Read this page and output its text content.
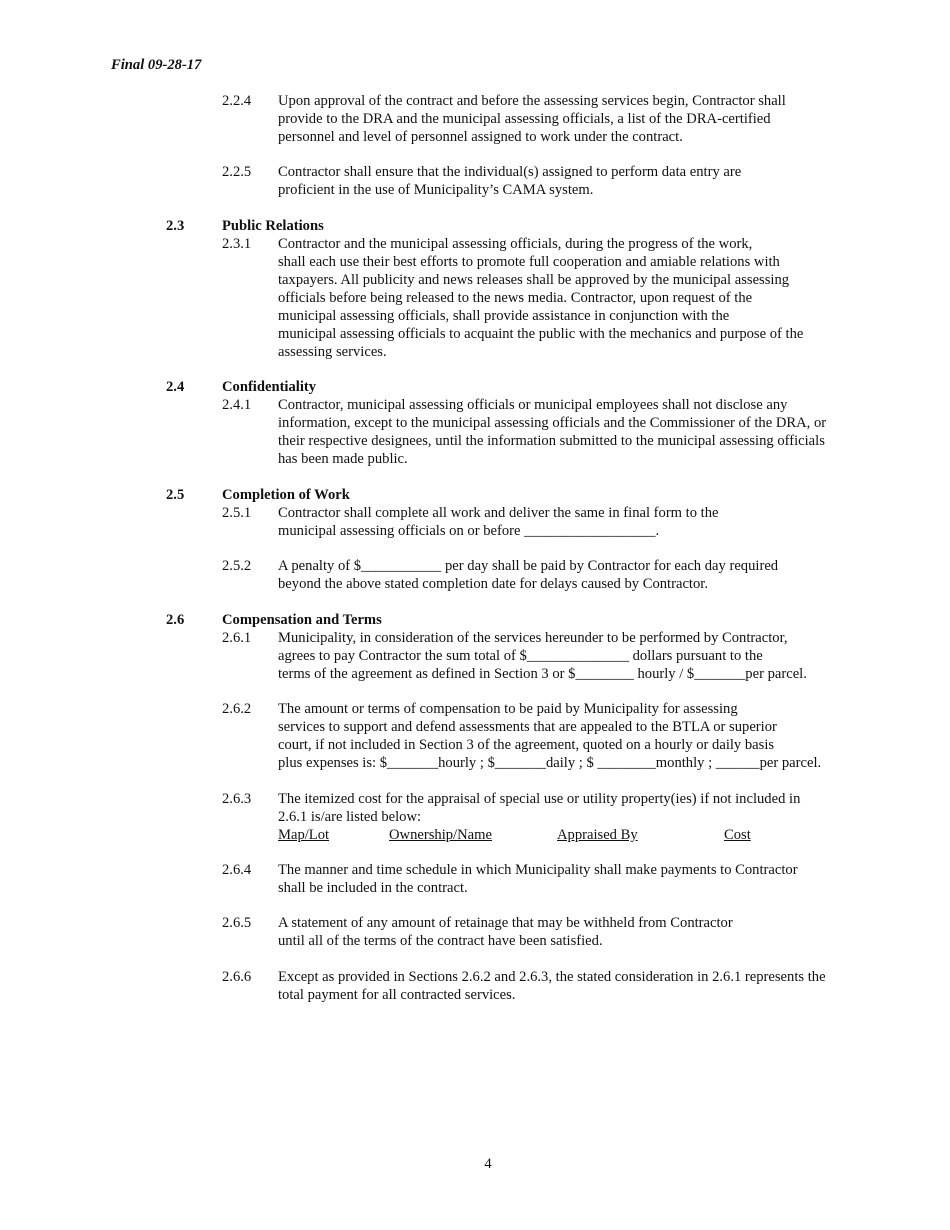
Final 09-28-17
2.2.4 Upon approval of the contract and before the assessing services begin, Contractor shall
provide to the DRA and the municipal assessing officials, a list of the DRA-certified
personnel and level of personnel assigned to work under the contract.
2.2.5 Contractor shall ensure that the individual(s) assigned to perform data entry are
proficient in the use of Municipality’s CAMA system.
2.3	Public Relations
2.3.1 Contractor and the municipal assessing officials, during the progress of the work,
shall each use their best efforts to promote full cooperation and amiable relations with
taxpayers. All publicity and news releases shall be approved by the municipal assessing
officials before being released to the news media. Contractor, upon request of the
municipal assessing officials, shall provide assistance in conjunction with the
municipal assessing officials to acquaint the public with the mechanics and purpose of the
assessing services.
2.4	Confidentiality
2.4.1 Contractor, municipal assessing officials or municipal employees shall not disclose any
information, except to the municipal assessing officials and the Commissioner of the DRA, or
their respective designees, until the information submitted to the municipal assessing officials
has been made public.
2.5	Completion of Work
2.5.1 Contractor shall complete all work and deliver the same in final form to the
municipal assessing officials on or before __________________.
2.5.2 A penalty of $___________ per day shall be paid by Contractor for each day required
beyond the above stated completion date for delays caused by Contractor.
2.6	Compensation and Terms
2.6.1 Municipality, in consideration of the services hereunder to be performed by Contractor,
agrees to pay Contractor the sum total of $______________ dollars pursuant to the
terms of the agreement as defined in Section 3 or $________ hourly / $_______per parcel.
2.6.2 The amount or terms of compensation to be paid by Municipality for assessing
services to support and defend assessments that are appealed to the BTLA or superior
court, if not included in Section 3 of the agreement, quoted on a hourly or daily basis
plus expenses is: $_______hourly ; $_______daily ; $ ________monthly ; ______per parcel.
2.6.3 The itemized cost for the appraisal of special use or utility property(ies) if not included in
2.6.1 is/are listed below:
Map/Lot	Ownership/Name	Appraised By	Cost
2.6.4 The manner and time schedule in which Municipality shall make payments to Contractor
shall be included in the contract.
2.6.5 A statement of any amount of retainage that may be withheld from Contractor
until all of the terms of the contract have been satisfied.
2.6.6 Except as provided in Sections 2.6.2 and 2.6.3, the stated consideration in 2.6.1 represents the
total payment for all contracted services.
4
